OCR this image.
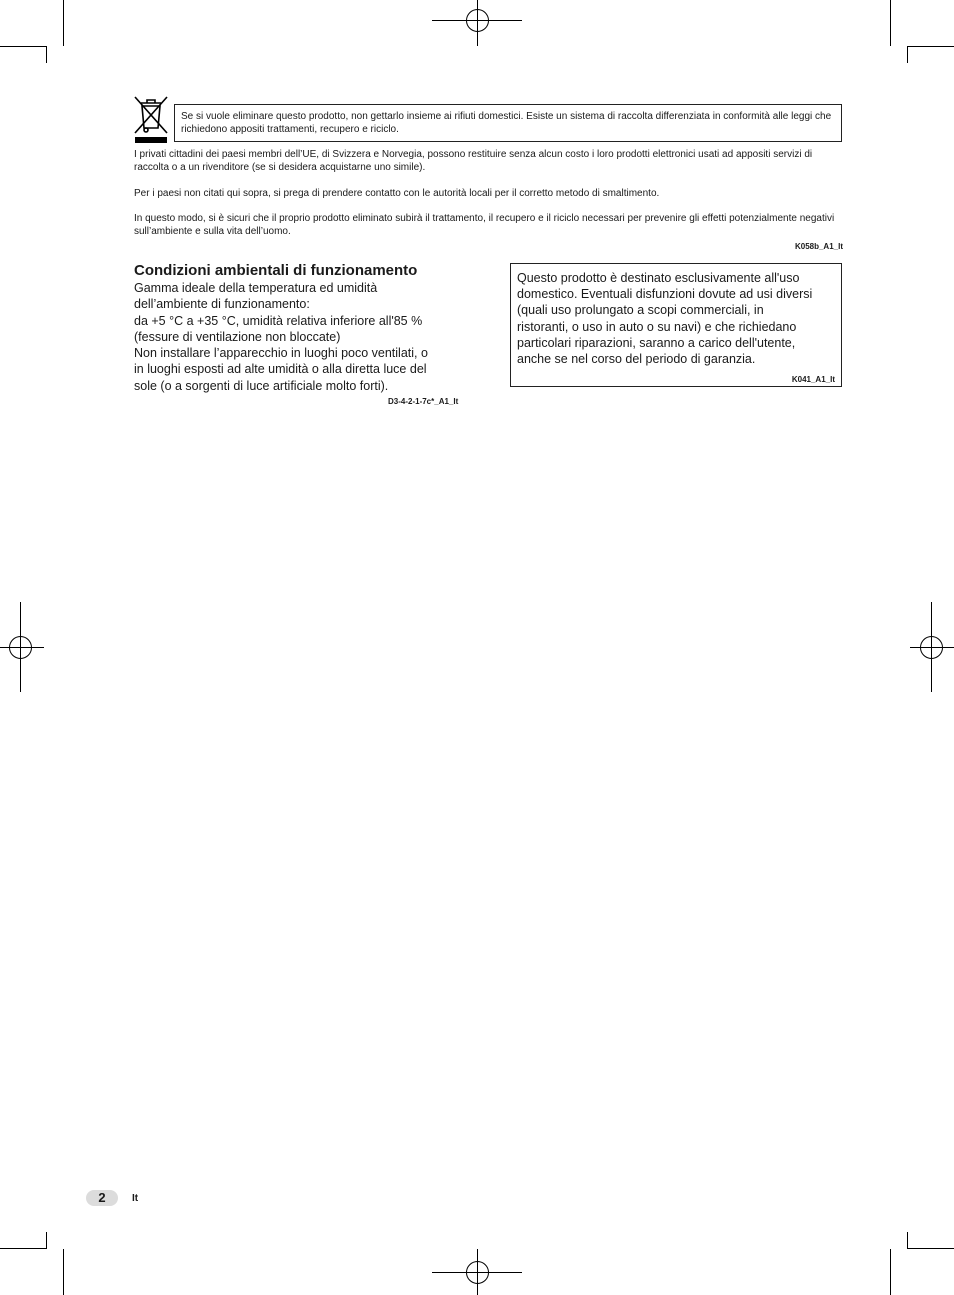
Se si vuole eliminare questo prodotto, non gettarlo insieme ai rifiuti domestici. Esiste un sistema di raccolta differenziata in conformità alle leggi che richiedono appositi trattamenti, recupero e riciclo.
I privati cittadini dei paesi membri dell’UE, di Svizzera e Norvegia, possono restituire senza alcun costo i loro prodotti elettronici usati ad appositi servizi di raccolta o a un rivenditore (se si desidera acquistarne uno simile).
Per i paesi non citati qui sopra, si prega di prendere contatto con le autorità locali per il corretto metodo di smaltimento.
In questo modo, si è sicuri che il proprio prodotto eliminato subirà il trattamento, il recupero e il riciclo necessari per prevenire gli effetti potenzialmente negativi sull’ambiente e sulla vita dell’uomo.
K058b_A1_It
Condizioni ambientali di funzionamento
Gamma ideale della temperatura ed umidità
dell’ambiente di funzionamento:
da +5 °C a +35 °C, umidità relativa inferiore all'85 %
(fessure di ventilazione non bloccate)
Non installare l’apparecchio in luoghi poco ventilati, o
in luoghi esposti ad alte umidità o alla diretta luce del
sole (o a sorgenti di luce artificiale molto forti).
D3-4-2-1-7c*_A1_It
Questo prodotto è destinato esclusivamente all'uso
domestico. Eventuali disfunzioni dovute ad usi diversi
(quali uso prolungato a scopi commerciali, in
ristoranti, o uso in auto o su navi) e che richiedano
particolari riparazioni, saranno a carico dell'utente,
anche se nel corso del periodo di garanzia.
K041_A1_It
2	It
